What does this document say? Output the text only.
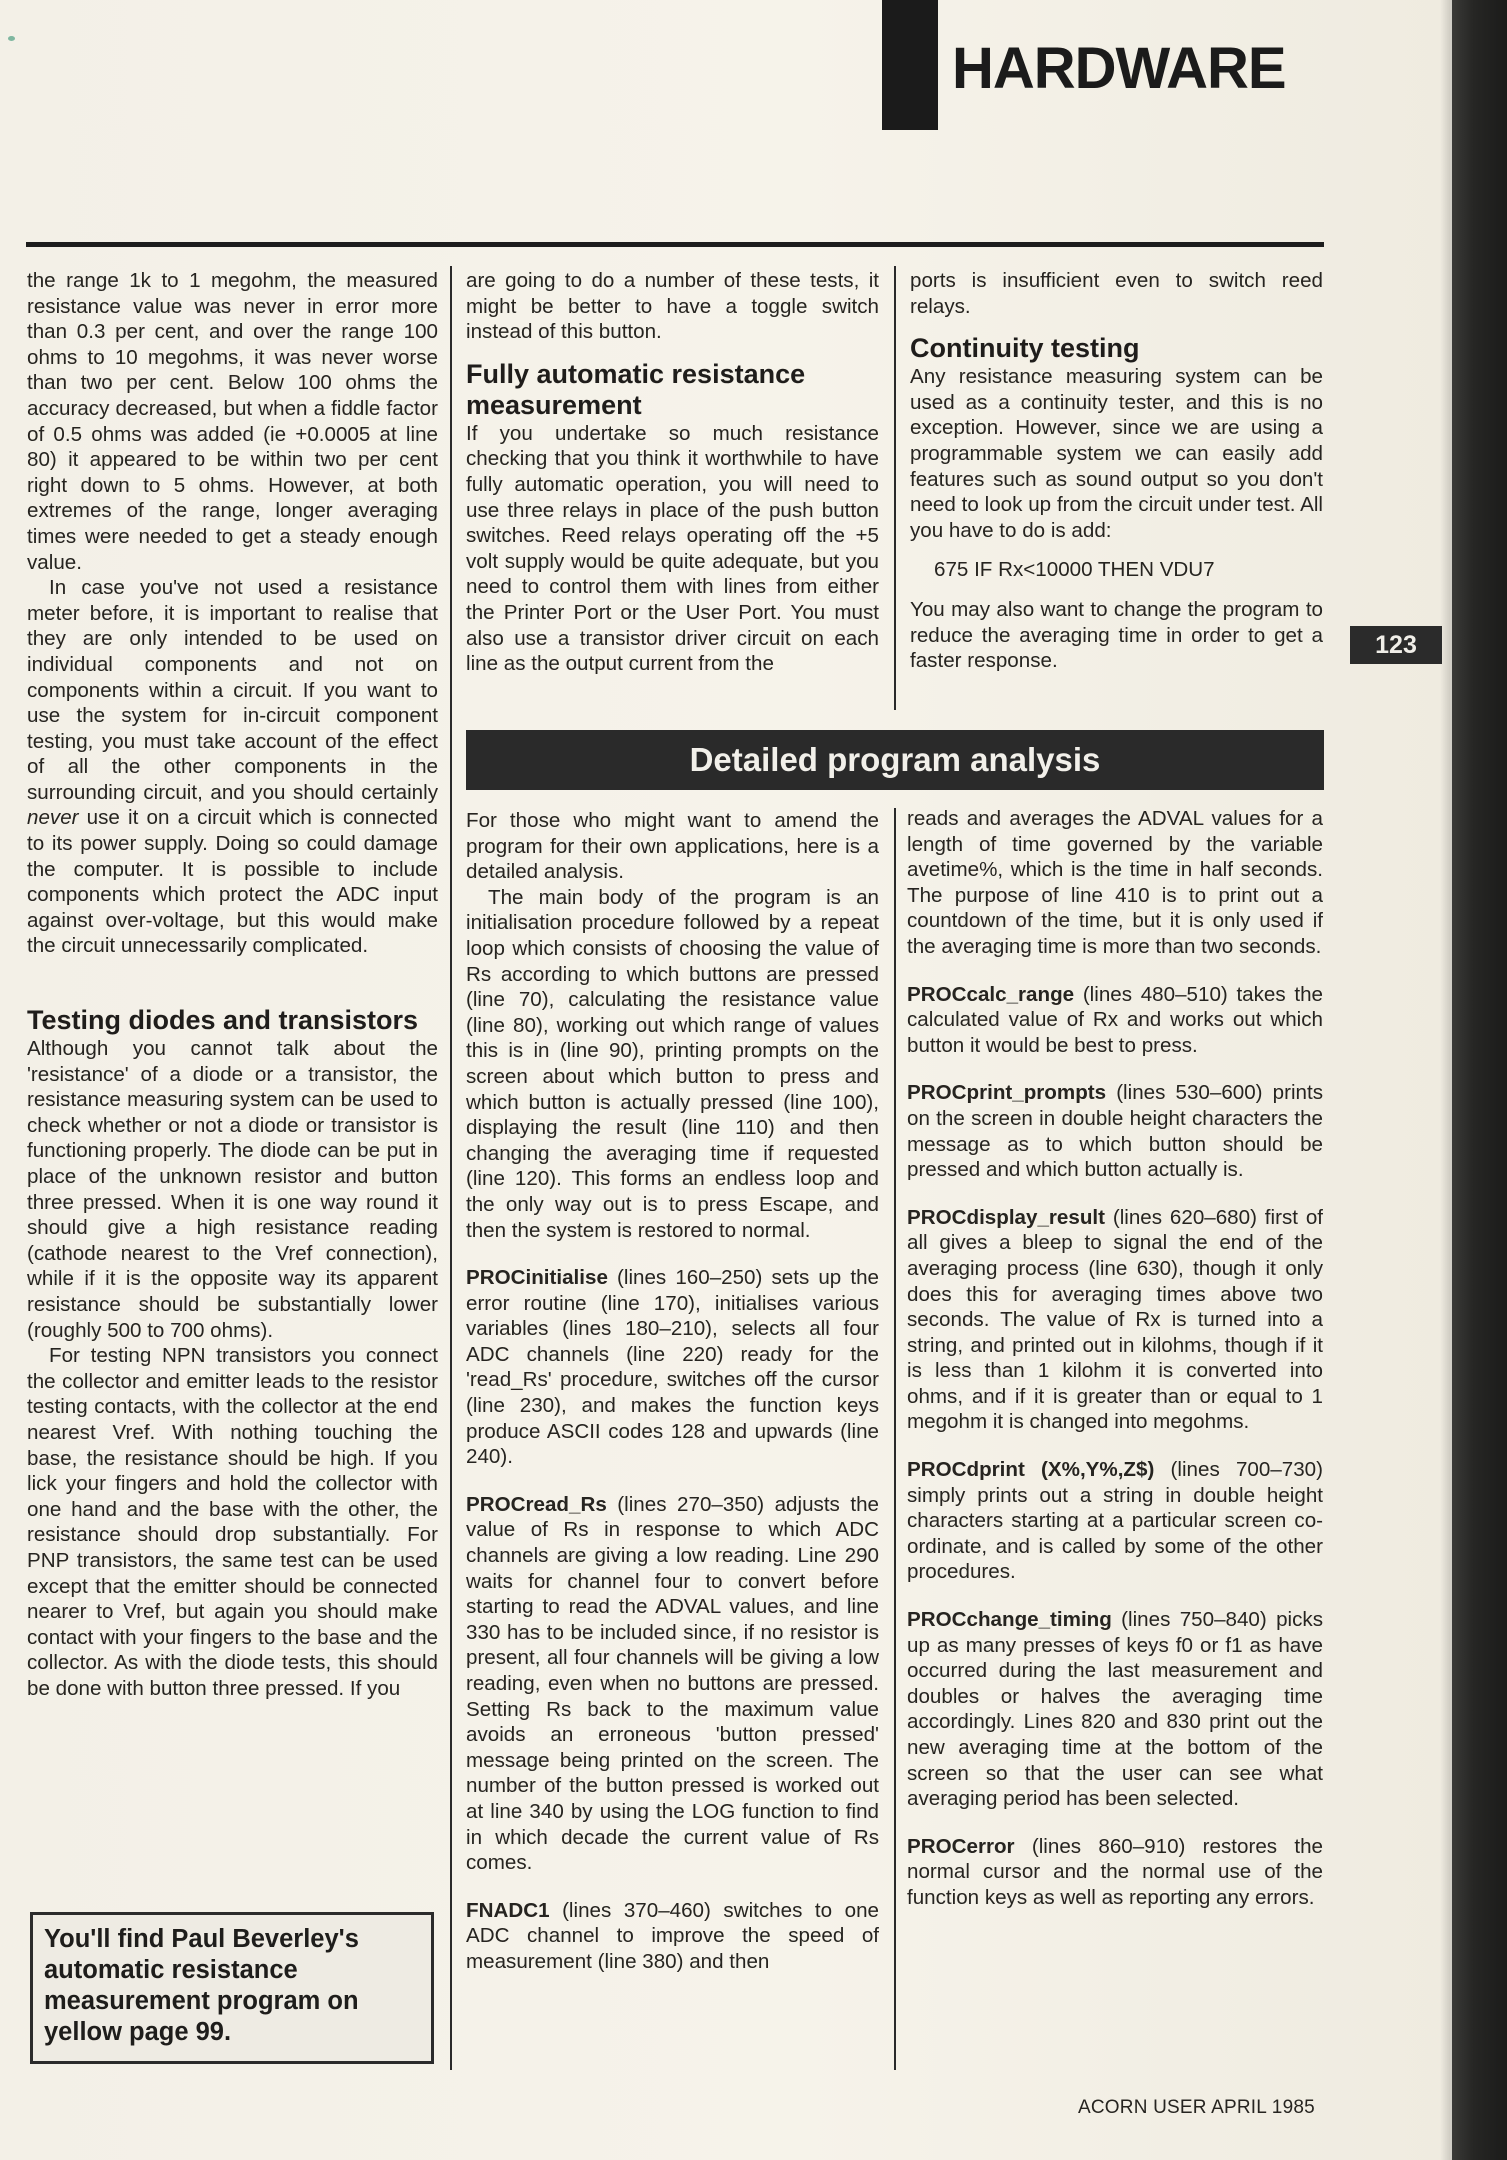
HARDWARE

the range 1k to 1 megohm, the measured resistance value was never in error more than 0.3 per cent, and over the range 100 ohms to 10 megohms, it was never worse than two per cent. Below 100 ohms the accuracy decreased, but when a fiddle factor of 0.5 ohms was added (ie +0.0005 at line 80) it appeared to be within two per cent right down to 5 ohms. However, at both extremes of the range, longer averaging times were needed to get a steady enough value.

In case you've not used a resistance meter before, it is important to realise that they are only intended to be used on individual components and not on components within a circuit. If you want to use the system for in-circuit component testing, you must take account of the effect of all the other components in the surrounding circuit, and you should certainly never use it on a circuit which is connected to its power supply. Doing so could damage the computer. It is possible to include components which protect the ADC input against over-voltage, but this would make the circuit unnecessarily complicated.

Testing diodes and transistors

Although you cannot talk about the 'resistance' of a diode or a transistor, the resistance measuring system can be used to check whether or not a diode or transistor is functioning properly. The diode can be put in place of the unknown resistor and button three pressed. When it is one way round it should give a high resistance reading (cathode nearest to the Vref connection), while if it is the opposite way its apparent resistance should be substantially lower (roughly 500 to 700 ohms).

For testing NPN transistors you connect the collector and emitter leads to the resistor testing contacts, with the collector at the end nearest Vref. With nothing touching the base, the resistance should be high. If you lick your fingers and hold the collector with one hand and the base with the other, the resistance should drop substantially. For PNP transistors, the same test can be used except that the emitter should be connected nearer to Vref, but again you should make contact with your fingers to the base and the collector. As with the diode tests, this should be done with button three pressed. If you

are going to do a number of these tests, it might be better to have a toggle switch instead of this button.

Fully automatic resistance measurement

If you undertake so much resistance checking that you think it worthwhile to have fully automatic operation, you will need to use three relays in place of the push button switches. Reed relays operating off the +5 volt supply would be quite adequate, but you need to control them with lines from either the Printer Port or the User Port. You must also use a transistor driver circuit on each line as the output current from the

ports is insufficient even to switch reed relays.

Continuity testing

Any resistance measuring system can be used as a continuity tester, and this is no exception. However, since we are using a programmable system we can easily add features such as sound output so you don't need to look up from the circuit under test. All you have to do is add:

675 IF Rx<10000 THEN VDU7

You may also want to change the program to reduce the averaging time in order to get a faster response.

123

Detailed program analysis

For those who might want to amend the program for their own applications, here is a detailed analysis.

The main body of the program is an initialisation procedure followed by a repeat loop which consists of choosing the value of Rs according to which buttons are pressed (line 70), calculating the resistance value (line 80), working out which range of values this is in (line 90), printing prompts on the screen about which button to press and which button is actually pressed (line 100), displaying the result (line 110) and then changing the averaging time if requested (line 120). This forms an endless loop and the only way out is to press Escape, and then the system is restored to normal.

PROCinitialise (lines 160–250) sets up the error routine (line 170), initialises various variables (lines 180–210), selects all four ADC channels (line 220) ready for the 'read_Rs' procedure, switches off the cursor (line 230), and makes the function keys produce ASCII codes 128 and upwards (line 240).

PROCread_Rs (lines 270–350) adjusts the value of Rs in response to which ADC channels are giving a low reading. Line 290 waits for channel four to convert before starting to read the ADVAL values, and line 330 has to be included since, if no resistor is present, all four channels will be giving a low reading, even when no buttons are pressed. Setting Rs back to the maximum value avoids an erroneous 'button pressed' message being printed on the screen. The number of the button pressed is worked out at line 340 by using the LOG function to find in which decade the current value of Rs comes.

FNADC1 (lines 370–460) switches to one ADC channel to improve the speed of measurement (line 380) and then

reads and averages the ADVAL values for a length of time governed by the variable avetime%, which is the time in half seconds. The purpose of line 410 is to print out a countdown of the time, but it is only used if the averaging time is more than two seconds.

PROCcalc_range (lines 480–510) takes the calculated value of Rx and works out which button it would be best to press.

PROCprint_prompts (lines 530–600) prints on the screen in double height characters the message as to which button should be pressed and which button actually is.

PROCdisplay_result (lines 620–680) first of all gives a bleep to signal the end of the averaging process (line 630), though it only does this for averaging times above two seconds. The value of Rx is turned into a string, and printed out in kilohms, though if it is less than 1 kilohm it is converted into ohms, and if it is greater than or equal to 1 megohm it is changed into megohms.

PROCdprint (X%,Y%,Z$) (lines 700–730) simply prints out a string in double height characters starting at a particular screen co-ordinate, and is called by some of the other procedures.

PROCchange_timing (lines 750–840) picks up as many presses of keys f0 or f1 as have occurred during the last measurement and doubles or halves the averaging time accordingly. Lines 820 and 830 print out the new averaging time at the bottom of the screen so that the user can see what averaging period has been selected.

PROCerror (lines 860–910) restores the normal cursor and the normal use of the function keys as well as reporting any errors.

You'll find Paul Beverley's automatic resistance measurement program on yellow page 99.

ACORN USER APRIL 1985
